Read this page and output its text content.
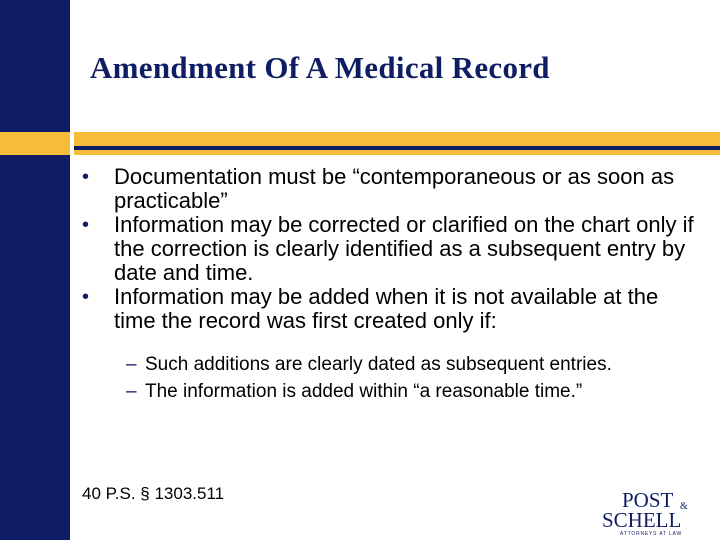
Amendment Of A Medical Record
• Documentation must be “contemporaneous or as soon as practicable”
• Information may be corrected or clarified on the chart only if the correction is clearly identified as a subsequent entry by date and time.
• Information may be added when it is not available at the time the record was first created only if:
– Such additions are clearly dated as subsequent entries.
– The information is added within “a reasonable time.”
40 P.S. § 1303.511	POST &
SCHELL
ATTORNEYS AT LAW
